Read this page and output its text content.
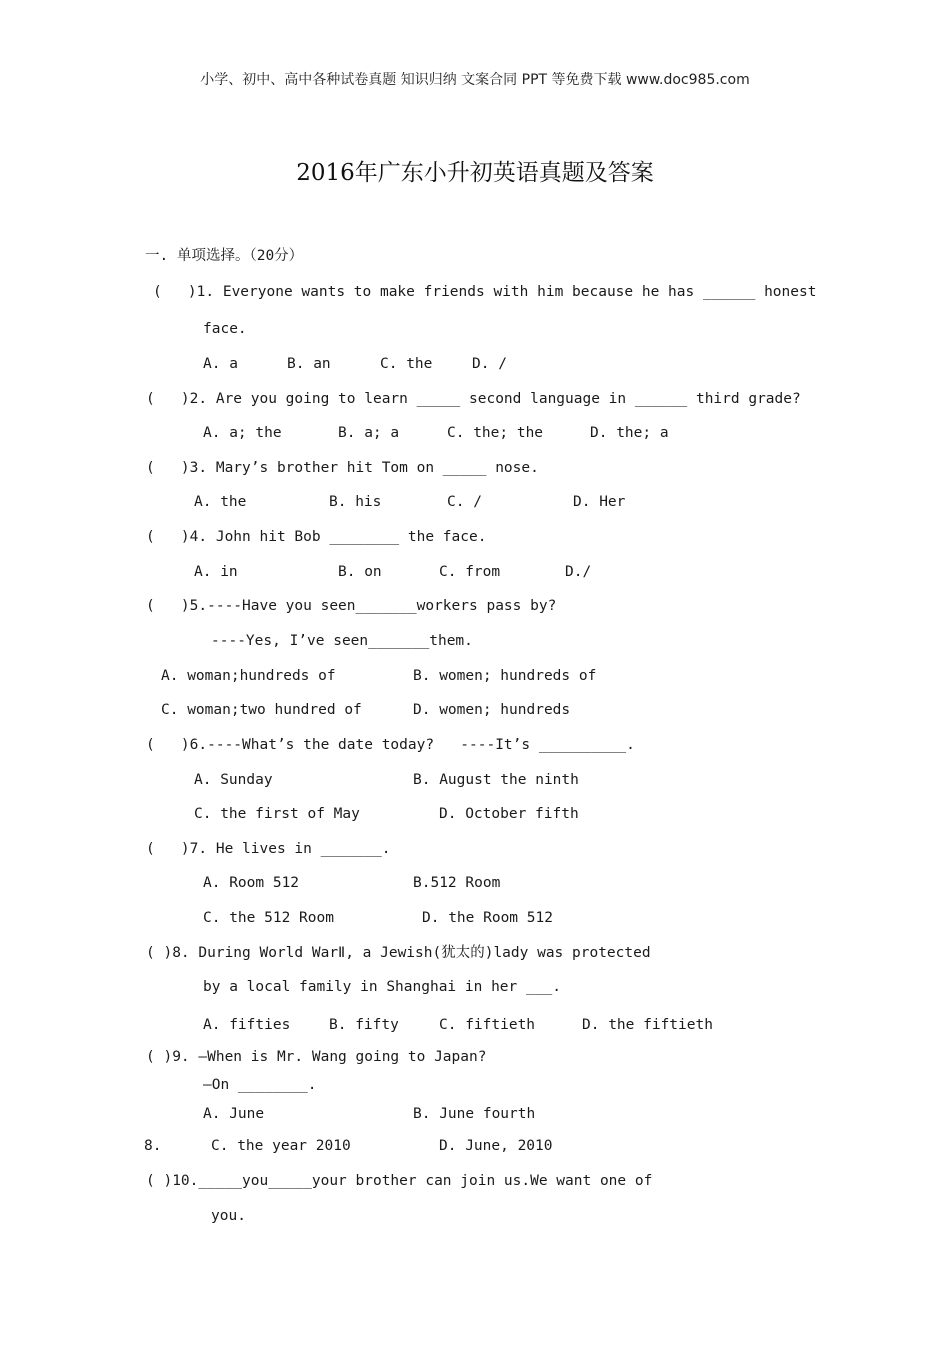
小学、初中、高中各种试卷真题 知识归纳 文案合同 PPT 等免费下载 www.doc985.com
2016年广东小升初英语真题及答案
一. 单项选择。（20分）
(   )1. Everyone wants to make friends with him because he has ______ honest
face.
A. a	B. an	C. the	D. /
(   )2. Are you going to learn _____ second language in ______ third grade?
A. a; the	B. a; a	C. the; the	D. the; a
(   )3. Mary’s brother hit Tom on _____ nose.
A. the	B. his	C. /	D. Her
(   )4. John hit Bob ________ the face.
A. in	B. on	C. from	D./
(   )5.----Have you seen_______workers pass by?
----Yes, I’ve seen_______them.
A. woman;hundreds of	B. women; hundreds of
C. woman;two hundred of	D. women; hundreds
(   )6.----What’s the date today?   ----It’s __________.
A. Sunday	B. August the ninth
C. the first of May	D. October fifth
(   )7. He lives in _______.
A. Room 512	B.512 Room
C. the 512 Room	D. the Room 512
( )8. During World WarⅡ, a Jewish(犹太的)lady was protected
by a local family in Shanghai in her ___.
A. fifties	B. fifty	C. fiftieth	D. the fiftieth
( )9. —When is Mr. Wang going to Japan?
—On ________.
A. June	B. June fourth
8.	C. the year 2010	D. June, 2010
( )10._____you_____your brother can join us.We want one of
you.
